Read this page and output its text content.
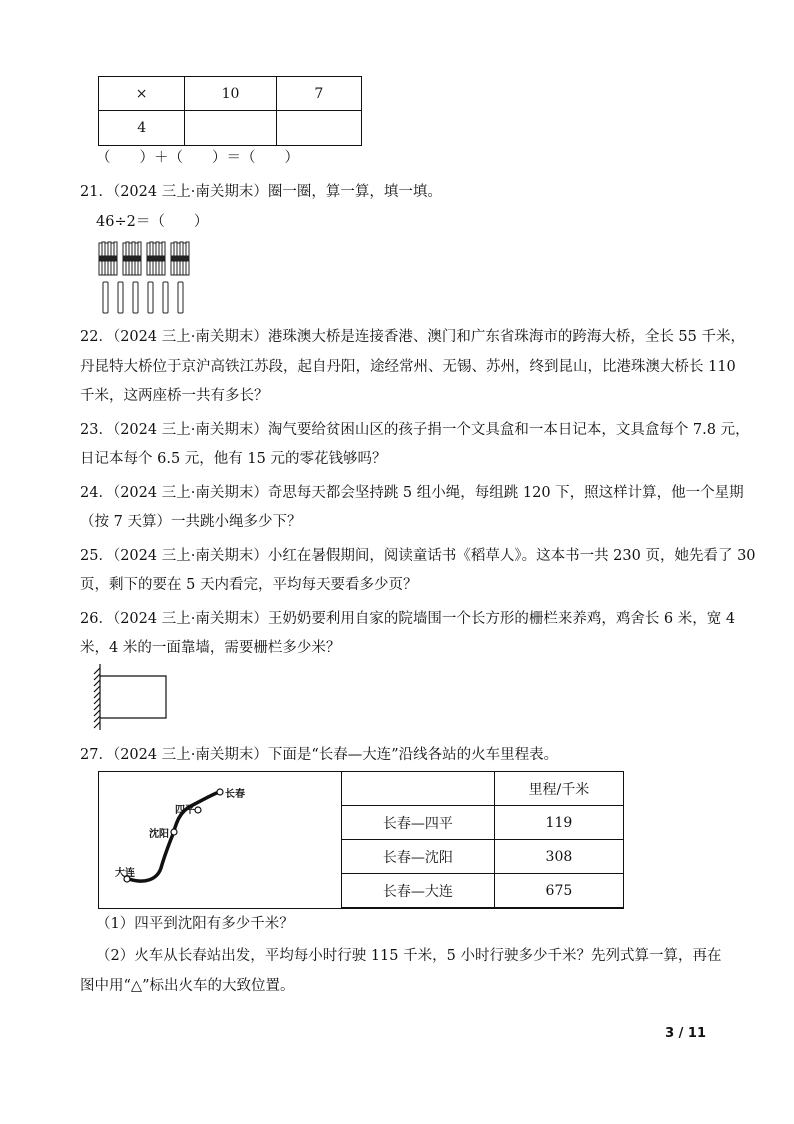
×	10	7
4		
（　　）＋（　　）＝（　　）
21．（2024 三上·南关期末）圈一圈，算一算，填一填。
46÷2＝（　　）
22．（2024 三上·南关期末）港珠澳大桥是连接香港、澳门和广东省珠海市的跨海大桥，全长 55 千米，
丹昆特大桥位于京沪高铁江苏段，起自丹阳，途经常州、无锡、苏州，终到昆山，比港珠澳大桥长 110
千米，这两座桥一共有多长？
23．（2024 三上·南关期末）淘气要给贫困山区的孩子捐一个文具盒和一本日记本，文具盒每个 7.8 元，
日记本每个 6.5 元，他有 15 元的零花钱够吗？
24．（2024 三上·南关期末）奇思每天都会坚持跳 5 组小绳，每组跳 120 下，照这样计算，他一个星期
（按 7 天算）一共跳小绳多少下？
25．（2024 三上·南关期末）小红在暑假期间，阅读童话书《稻草人》。这本书一共 230 页，她先看了 30
页，剩下的要在 5 天内看完，平均每天要看多少页？
26．（2024 三上·南关期末）王奶奶要利用自家的院墙围一个长方形的栅栏来养鸡，鸡舍长 6 米，宽 4
米，4 米的一面靠墙，需要栅栏多少米？
27．（2024 三上·南关期末）下面是“长春—大连”沿线各站的火车里程表。
大连
沈阳
四平
长春
		里程/千米
长春—四平	119
长春—沈阳	308
长春—大连	675
（1）四平到沈阳有多少千米？
（2）火车从长春站出发，平均每小时行驶 115 千米，5 小时行驶多少千米？先列式算一算，再在
图中用“△”标出火车的大致位置。
3 / 11
